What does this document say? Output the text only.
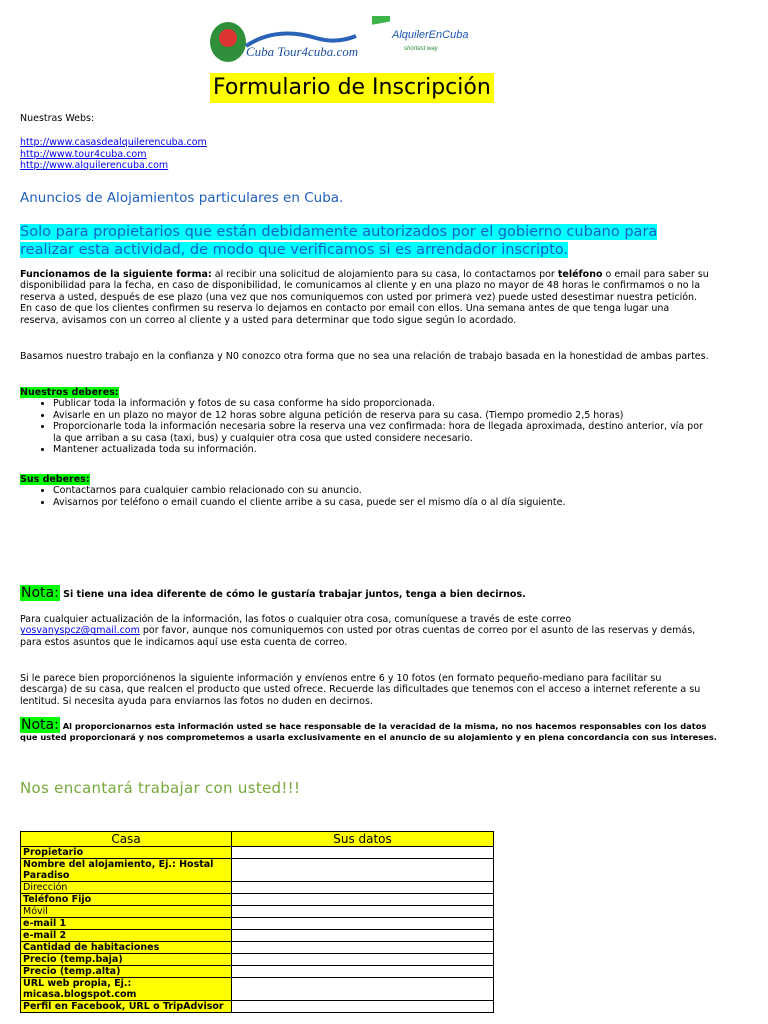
Cuba Tour4cuba.com
AlquilerEnCuba
shortest way
Formulario de Inscripción
Nuestras Webs:
http://www.casasdealquilerencuba.com
http://www.tour4cuba.com
http://www.alquilerencuba.com
Anuncios de Alojamientos particulares en Cuba.
Solo para propietarios que están debidamente autorizados por el gobierno cubano para realizar esta actividad, de modo que verificamos si es arrendador inscripto.
Funcionamos de la siguiente forma: al recibir una solicitud de alojamiento para su casa, lo contactamos por teléfono o email para saber su disponibilidad para la fecha, en caso de disponibilidad, le comunicamos al cliente y en una plazo no mayor de 48 horas le confirmamos o no la reserva a usted, después de ese plazo (una vez que nos comuniquemos con usted por primera vez) puede usted desestimar nuestra petición. En caso de que los clientes confirmen su reserva lo dejamos en contacto por email con ellos. Una semana antes de que tenga lugar una reserva, avisamos con un correo al cliente y a usted para determinar que todo sigue según lo acordado.
Basamos nuestro trabajo en la confianza y N0 conozco otra forma que no sea una relación de trabajo basada en la honestidad de ambas partes.
Nuestros deberes:
• Publicar toda la información y fotos de su casa conforme ha sido proporcionada.
• Avisarle en un plazo no mayor de 12 horas sobre alguna petición de reserva para su casa. (Tiempo promedio 2,5 horas)
• Proporcionarle toda la información necesaria sobre la reserva una vez confirmada: hora de llegada aproximada, destino anterior, vía por la que arriban a su casa (taxi, bus) y cualquier otra cosa que usted considere necesario.
• Mantener actualizada toda su información.
Sus deberes:
• Contactarnos para cualquier cambio relacionado con su anuncio.
• Avisarnos por teléfono o email cuando el cliente arribe a su casa, puede ser el mismo día o al día siguiente.
Nota: Si tiene una idea diferente de cómo le gustaría trabajar juntos, tenga a bien decirnos.
Para cualquier actualización de la información, las fotos o cualquier otra cosa, comuníquese a través de este correo
yosvanyspcz@gmail.com por favor, aunque nos comuniquemos con usted por otras cuentas de correo por el asunto de las reservas y demás, para estos asuntos que le indicamos aquí use esta cuenta de correo.
Si le parece bien proporciónenos la siguiente información y envíenos entre 6 y 10 fotos (en formato pequeño-mediano para facilitar su descarga) de su casa, que realcen el producto que usted ofrece. Recuerde las dificultades que tenemos con el acceso a internet referente a su lentitud. Si necesita ayuda para enviarnos las fotos no duden en decirnos.
Nota: Al proporcionarnos esta información usted se hace responsable de la veracidad de la misma, no nos hacemos responsables con los datos que usted proporcionará y nos comprometemos a usarla exclusivamente en el anuncio de su alojamiento y en plena concordancia con sus intereses.
Nos encantará trabajar con usted!!!
Casa	Sus datos
Propietario	
Nombre del alojamiento, Ej.: Hostal Paradiso	
Dirección	
Teléfono Fijo	
Móvil	
e-mail 1	
e-mail 2	
Cantidad de habitaciones	
Precio (temp.baja)	
Precio (temp.alta)	
URL web propia, Ej.: micasa.blogspot.com	
Perfil en Facebook, URL o TripAdvisor	
